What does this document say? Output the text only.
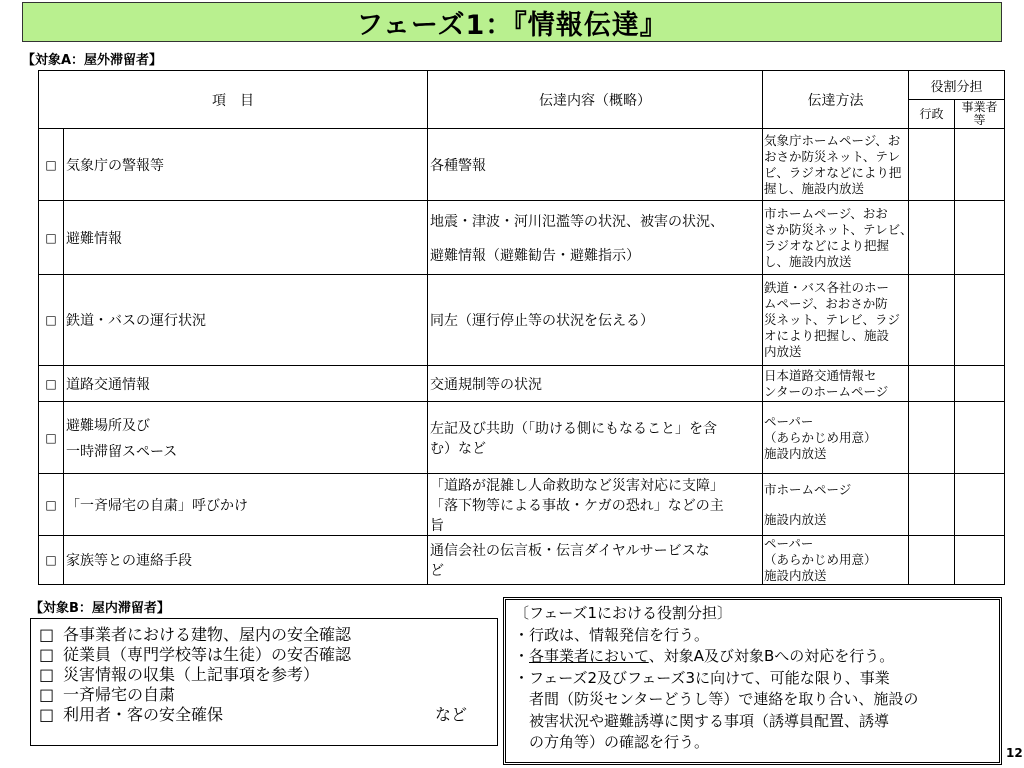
フェーズ1：『情報伝達』
【対象A：屋外滞留者】
項　目		伝達内容（概略）	伝達方法	役割分担	
				行政	事業者
等

□	気象庁の警報等	各種警報	気象庁ホームページ、お
おさか防災ネット、テレ
ビ、ラジオなどにより把
握し、施設内放送		

□	避難情報	地震・津波・河川氾濫等の状況、被害の状況、
避難情報（避難勧告・避難指示）	市ホームページ、おお
さか防災ネット、テレビ、
ラジオなどにより把握
し、施設内放送		

□	鉄道・バスの運行状況	同左（運行停止等の状況を伝える）	鉄道・バス各社のホー
ムページ、おおさか防
災ネット、テレビ、ラジ
オにより把握し、施設
内放送		

□	道路交通情報	交通規制等の状況	日本道路交通情報セ
ンターのホームページ		

□	避難場所及び
一時滞留スペース	左記及び共助（「助ける側にもなること」を含
む）など	ペーパー
（あらかじめ用意）
施設内放送		

□	「一斉帰宅の自粛」呼びかけ	「道路が混雑し人命救助など災害対応に支障」
「落下物等による事故・ケガの恐れ」などの主
旨	市ホームページ
施設内放送		

□	家族等との連絡手段	通信会社の伝言板・伝言ダイヤルサービスな
ど	ペーパー
（あらかじめ用意）
施設内放送		

【対象B：屋内滞留者】
□ 各事業者における建物、屋内の安全確認
□ 従業員（専門学校等は生徒）の安否確認
□ 災害情報の収集（上記事項を参考）
□ 一斉帰宅の自粛
□ 利用者・客の安全確保	など
〔フェーズ1における役割分担〕
・行政は、情報発信を行う。
・各事業者において、対象A及び対象Bへの対応を行う。
・フェーズ2及びフェーズ3に向けて、可能な限り、事業
者間（防災センターどうし等）で連絡を取り合い、施設の
被害状況や避難誘導に関する事項（誘導員配置、誘導
の方角等）の確認を行う。
12
